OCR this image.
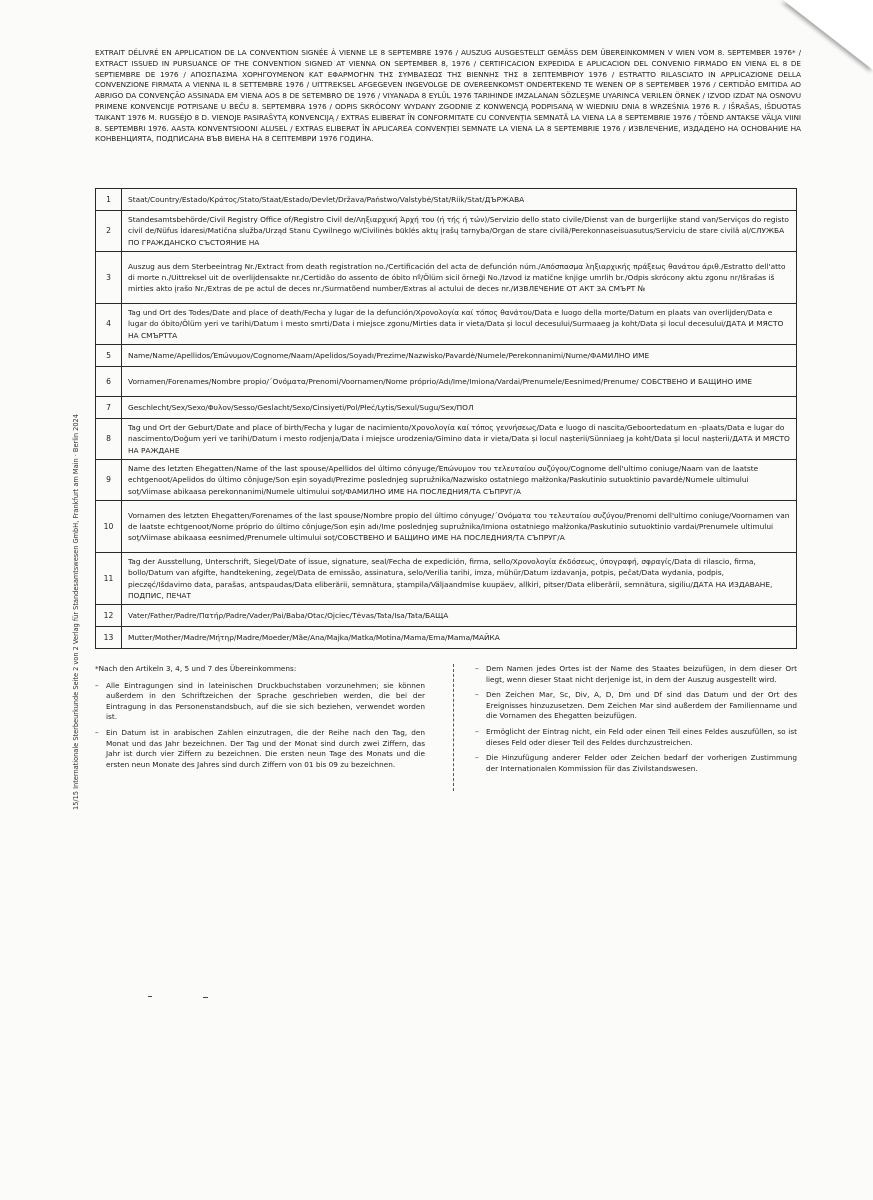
EXTRAIT DÉLIVRÉ EN APPLICATION DE LA CONVENTION SIGNÉE À VIENNE LE 8 SEPTEMBRE 1976 / AUSZUG AUSGESTELLT GEMÄSS DEM ÜBEREINKOMMEN V WIEN VOM 8. SEPTEMBER 1976* / EXTRACT ISSUED IN PURSUANCE OF THE CONVENTION SIGNED AT VIENNA ON SEPTEMBER 8, 1976 / CERTIFICACION EXPEDIDA E APLICACION DEL CONVENIO FIRMADO EN VIENA EL 8 DE SEPTIEMBRE DE 1976 / ΑΠΟΣΠΑΣΜΑ ΧΟΡΗΓΟΥΜΕΝΟΝ ΚΑΤ ΕΦΑΡΜΟΓΗΝ ΤΗΣ ΣΥΜΒΑΣΕΩΣ ΤΗΣ ΒΙΕΝΝΗΣ ΤΗΣ 8 ΣΕΠΤΕΜΒΡΙΟΥ 1976 / ESTRATTO RILASCIATO IN APPLICAZIONE DELLA CONVENZIONE FIRMATA A VIENNA IL 8 SETTEMBRE 1976 / UITTREKSEL AFGEGEVEN INGEVOLGE DE OVEREENKOMST ONDERTEKEND TE WENEN OP 8 SEPTEMBER 1976 / CERTIDÃO EMITIDA AO ABRIGO DA CONVENÇÃO ASSINADA EM VIENA AOS 8 DE SETEMBRO DE 1976 / VIYANADA 8 EYLÜL 1976 TARIHINDE IMZALANAN SÖZLEŞME UYARINCA VERILEN ÖRNEK / IZVOD IZDAT NA OSNOVU PRIMENE KONVENCIJE POTPISANE U BEČU 8. SEPTEMBRA 1976 / ODPIS SKRÓCONY WYDANY ZGODNIE Z KONWENCJĄ PODPISANĄ W WIEDNIU DNIA 8 WRZEŚNIA 1976 R. / IŠRAŠAS, IŠDUOTAS TAIKANT 1976 M. RUGSĖJO 8 D. VIENOJE PASIRAŠYTĄ KONVENCIJĄ / EXTRAS ELIBERAT ÎN CONFORMITATE CU CONVENȚIA SEMNATĂ LA VIENA LA 8 SEPTEMBRIE 1976 / TÕEND ANTAKSE VÄLJA VIINI 8. SEPTEMBRI 1976. AASTA KONVENTSIOONI ALUSEL / EXTRAS ELIBERAT ÎN APLICAREA CONVENȚIEI SEMNATE LA VIENA LA 8 SEPTEMBRIE 1976 / ИЗВЛЕЧЕНИЕ, ИЗДАДЕНО НА ОСНОВАНИЕ НА КОНВЕНЦИЯТА, ПОДПИСАНА ВЪВ ВИЕНА НА 8 СЕПТЕМВРИ 1976 ГОДИНА.
1	Staat/Country/Estado/Κράτος/Stato/Staat/Estado/Devlet/Država/Państwo/Valstybė/Stat/Riik/Stat/ДЪРЖАВА
2	Standesamtsbehörde/Civil Registry Office of/Registro Civil de/Ληξιαρχική Άρχή του (ή τής ή τών)/Servizio dello stato civile/Dienst van de burgerlijke stand van/Serviços do registo civil de/Nüfus İdaresi/Matična služba/Urząd Stanu Cywilnego w/Civilinės būklės aktų įrašų tarnyba/Organ de stare civilă/Perekonnaseisuasutus/Serviciu de stare civilă al/СЛУЖБА ПО ГРАЖДАНСКО СЪСТОЯНИЕ НА
3	Auszug aus dem Sterbeeintrag Nr./Extract from death registration no./Certificación del acta de defunción núm./Απόσπασμα ληξιαρχικής πράξεως θανάτου άριθ./Estratto dell'atto di morte n./Uittreksel uit de overlijdensakte nr./Certidão do assento de óbito nº/Ölüm sicil örneği No./Izvod iz matične knjige umrlih br./Odpis skrócony aktu zgonu nr/Išrašas iš mirties akto įrašo Nr./Extras de pe actul de deces nr./Surmatõend number/Extras al actului de deces nr./ИЗВЛЕЧЕНИЕ ОТ АКТ ЗА СМЪРТ №
4	Tag und Ort des Todes/Date and place of death/Fecha y lugar de la defunción/Χρονολογία καί τόπος θανάτου/Data e luogo della morte/Datum en plaats van overlijden/Data e lugar do óbito/Ölüm yeri ve tarihi/Datum i mesto smrti/Data i miejsce zgonu/Mirties data ir vieta/Data și locul decesului/Surmaaeg ja koht/Data și locul decesului/ДАТА И МЯСТО НА СМЪРТТА
5	Name/Name/Apellidos/Έπώνυμον/Cognome/Naam/Apelidos/Soyadı/Prezime/Nazwisko/Pavardė/Numele/Perekonnanimi/Nume/ФАМИЛНО ИМЕ
6	Vornamen/Forenames/Nombre propio/΄Ονόματα/Prenomi/Voornamen/Nome próprio/Adı/Ime/Imiona/Vardai/Prenumele/Eesnimed/Prenume/ СОБСТВЕНО И БАЩИНО ИМЕ
7	Geschlecht/Sex/Sexo/Φυλον/Sesso/Geslacht/Sexo/Cinsiyeti/Pol/Płeć/Lytis/Sexul/Sugu/Sex/ПОЛ
8	Tag und Ort der Geburt/Date and place of birth/Fecha y lugar de nacimiento/Χρονολογία καί τόπος γεννήσεως/Data e luogo di nascita/Geboortedatum en -plaats/Data e lugar do nascimento/Doğum yeri ve tarihi/Datum i mesto rodjenja/Data i miejsce urodzenia/Gimino data ir vieta/Data și locul nașterii/Sünniaeg ja koht/Data și locul nașterii/ДАТА И МЯСТО НА РАЖДАНЕ
9	Name des letzten Ehegatten/Name of the last spouse/Apellidos del último cónyuge/Έπώνυμον του τελευταίου συζύγου/Cognome dell'ultimo coniuge/Naam van de laatste echtgenoot/Apelidos do último cônjuge/Son eşin soyadı/Prezime poslednjeg supružnika/Nazwisko ostatniego małżonka/Paskutinio sutuoktinio pavardė/Numele ultimului soț/Viimase abikaasa perekonnanimi/Numele ultimului soț/ФАМИЛНО ИМЕ НА ПОСЛЕДНИЯ/ТА СЪПРУГ/А
10	Vornamen des letzten Ehegatten/Forenames of the last spouse/Nombre propio del último cónyuge/΄Ονόματα του τελευταίου συζύγου/Prenomi dell'ultimo coniuge/Voornamen van de laatste echtgenoot/Nome próprio do último cônjuge/Son eşin adı/Ime poslednjeg supružnika/Imiona ostatniego małżonka/Paskutinio sutuoktinio vardai/Prenumele ultimului soț/Viimase abikaasa eesnimed/Prenumele ultimului soț/СОБСТВЕНО И БАЩИНО ИМЕ НА ПОСЛЕДНИЯ/ТА СЪПРУГ/А
11	Tag der Ausstellung, Unterschrift, Siegel/Date of issue, signature, seal/Fecha de expedición, firma, sello/Χρονολογία έκδόσεως, ύπογραφή, σφραγίς/Data di rilascio, firma, bollo/Datum van afgifte, handtekening, zegel/Data de emissão, assinatura, selo/Verilia tarihi, imza, mühür/Datum izdavanja, potpis, pečat/Data wydania, podpis, pieczęć/Išdavimo data, parašas, antspaudas/Data eliberării, semnătura, ștampila/Väljaandmise kuupäev, allkiri, pitser/Data eliberării, semnătura, sigiliu/ДАТА НА ИЗДАВАНЕ, ПОДПИС, ПЕЧАТ
12	Vater/Father/Padre/Πατήρ/Padre/Vader/Pai/Baba/Otac/Ojciec/Tėvas/Tata/Isa/Tata/БАЩА
13	Mutter/Mother/Madre/Μήτηρ/Madre/Moeder/Mãe/Ana/Majka/Matka/Motina/Mama/Ema/Mama/МАЙКА

*Nach den Artikeln 3, 4, 5 und 7 des Übereinkommens:

– Alle Eintragungen sind in lateinischen Druckbuchstaben vorzunehmen; sie können außerdem in den Schriftzeichen der Sprache geschrieben werden, die bei der Eintragung in das Personenstandsbuch, auf die sie sich beziehen, verwendet worden ist.

– Ein Datum ist in arabischen Zahlen einzutragen, die der Reihe nach den Tag, den Monat und das Jahr bezeichnen. Der Tag und der Monat sind durch zwei Ziffern, das Jahr ist durch vier Ziffern zu bezeichnen. Die ersten neun Tage des Monats und die ersten neun Monate des Jahres sind durch Ziffern von 01 bis 09 zu bezeichnen.

– Dem Namen jedes Ortes ist der Name des Staates beizufügen, in dem dieser Ort liegt, wenn dieser Staat nicht derjenige ist, in dem der Auszug ausgestellt wird.

– Den Zeichen Mar, Sc, Div, A, D, Dm und Df sind das Datum und der Ort des Ereignisses hinzuzusetzen. Dem Zeichen Mar sind außerdem der Familienname und die Vornamen des Ehegatten beizufügen.

– Ermöglicht der Eintrag nicht, ein Feld oder einen Teil eines Feldes auszufüllen, so ist dieses Feld oder dieser Teil des Feldes durchzustreichen.

– Die Hinzufügung anderer Felder oder Zeichen bedarf der vorherigen Zustimmung der Internationalen Kommission für das Zivilstandswesen.

15/15 Internationale Sterbeurkunde Seite 2 von 2 Verlag für Standesamtswesen GmbH, Frankfurt am Main · Berlin 2024
